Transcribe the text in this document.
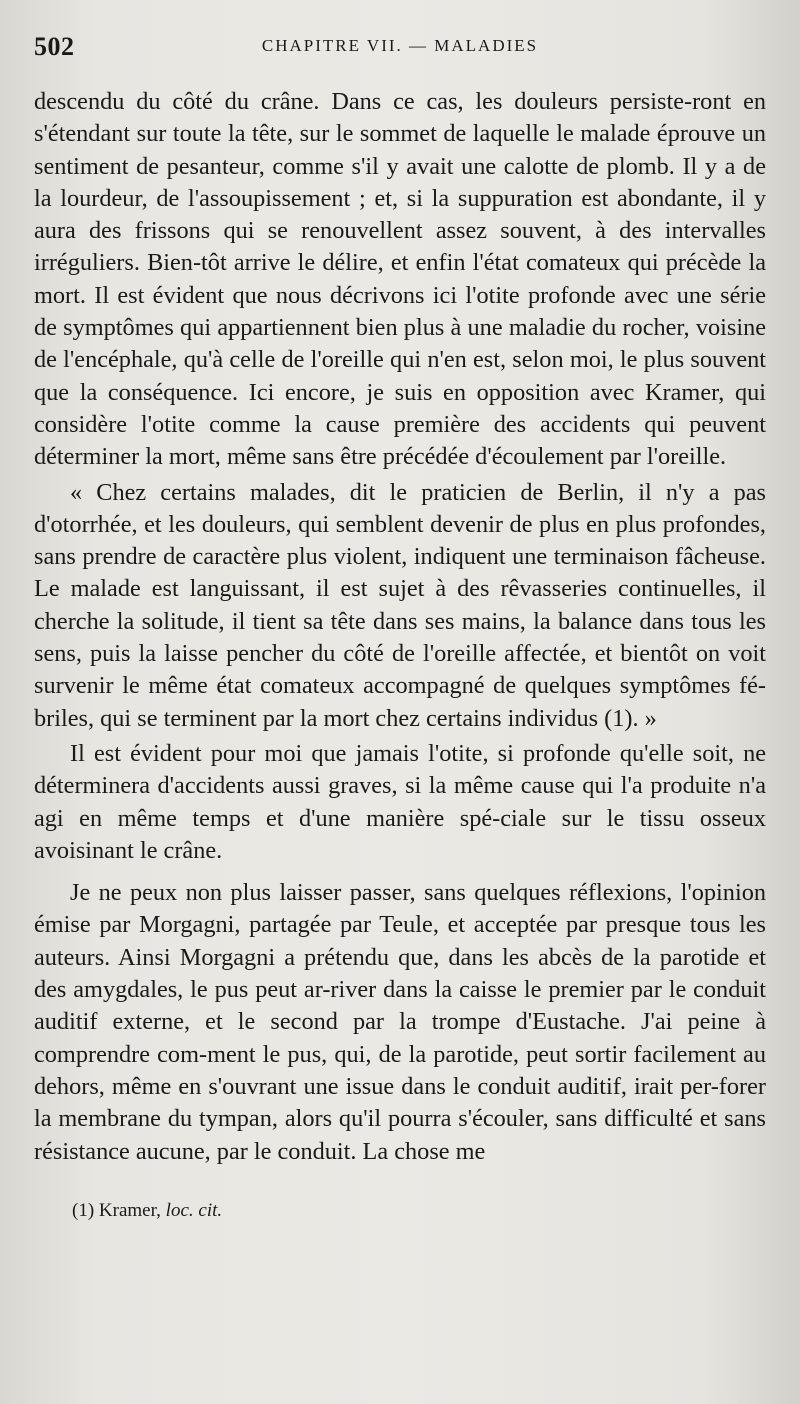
502	CHAPITRE VII. — MALADIES

descendu du côté du crâne. Dans ce cas, les douleurs persiste-ront en s'étendant sur toute la tête, sur le sommet de laquelle le malade éprouve un sentiment de pesanteur, comme s'il y avait une calotte de plomb. Il y a de la lourdeur, de l'assoupissement ; et, si la suppuration est abondante, il y aura des frissons qui se renouvellent assez souvent, à des intervalles irréguliers. Bien-tôt arrive le délire, et enfin l'état comateux qui précède la mort. Il est évident que nous décrivons ici l'otite profonde avec une série de symptômes qui appartiennent bien plus à une maladie du rocher, voisine de l'encéphale, qu'à celle de l'oreille qui n'en est, selon moi, le plus souvent que la conséquence. Ici encore, je suis en opposition avec Kramer, qui considère l'otite comme la cause première des accidents qui peuvent déterminer la mort, même sans être précédée d'écoulement par l'oreille.

« Chez certains malades, dit le praticien de Berlin, il n'y a pas d'otorrhée, et les douleurs, qui semblent devenir de plus en plus profondes, sans prendre de caractère plus violent, indiquent une terminaison fâcheuse. Le malade est languissant, il est sujet à des rêvasseries continuelles, il cherche la solitude, il tient sa tête dans ses mains, la balance dans tous les sens, puis la laisse pencher du côté de l'oreille affectée, et bientôt on voit survenir le même état comateux accompagné de quelques symptômes fé-briles, qui se terminent par la mort chez certains individus (1). »

Il est évident pour moi que jamais l'otite, si profonde qu'elle soit, ne déterminera d'accidents aussi graves, si la même cause qui l'a produite n'a agi en même temps et d'une manière spé-ciale sur le tissu osseux avoisinant le crâne.

Je ne peux non plus laisser passer, sans quelques réflexions, l'opinion émise par Morgagni, partagée par Teule, et acceptée par presque tous les auteurs. Ainsi Morgagni a prétendu que, dans les abcès de la parotide et des amygdales, le pus peut ar-river dans la caisse le premier par le conduit auditif externe, et le second par la trompe d'Eustache. J'ai peine à comprendre com-ment le pus, qui, de la parotide, peut sortir facilement au dehors, même en s'ouvrant une issue dans le conduit auditif, irait per-forer la membrane du tympan, alors qu'il pourra s'écouler, sans difficulté et sans résistance aucune, par le conduit. La chose me

(1) Kramer, loc. cit.
